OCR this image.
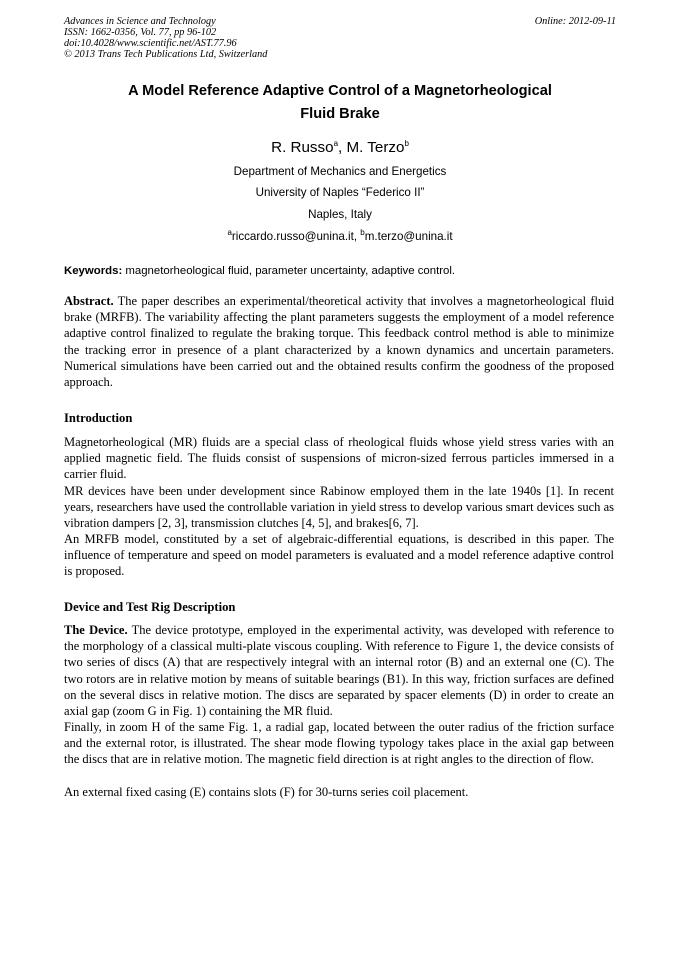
Advances in Science and Technology
ISSN: 1662-0356, Vol. 77, pp 96-102
doi:10.4028/www.scientific.net/AST.77.96
© 2013 Trans Tech Publications Ltd, Switzerland
Online: 2012-09-11
A Model Reference Adaptive Control of a Magnetorheological
Fluid Brake
R. Russo$^a$, M. Terzo$^b$
Department of Mechanics and Energetics
University of Naples “Federico II”
Naples, Italy
$^a$riccardo.russo@unina.it, $^b$m.terzo@unina.it
Keywords: magnetorheological fluid, parameter uncertainty, adaptive control.
Abstract. The paper describes an experimental/theoretical activity that involves a magnetorheological fluid brake (MRFB). The variability affecting the plant parameters suggests the employment of a model reference adaptive control finalized to regulate the braking torque. This feedback control method is able to minimize the tracking error in presence of a plant characterized by a known dynamics and uncertain parameters. Numerical simulations have been carried out and the obtained results confirm the goodness of the proposed approach.
Introduction
Magnetorheological (MR) fluids are a special class of rheological fluids whose yield stress varies with an applied magnetic field. The fluids consist of suspensions of micron-sized ferrous particles immersed in a carrier fluid.
MR devices have been under development since Rabinow employed them in the late 1940s [1]. In recent years, researchers have used the controllable variation in yield stress to develop various smart devices such as vibration dampers [2, 3], transmission clutches [4, 5], and brakes[6, 7].
An MRFB model, constituted by a set of algebraic-differential equations, is described in this paper. The influence of temperature and speed on model parameters is evaluated and a model reference adaptive control is proposed.
Device and Test Rig Description
The Device. The device prototype, employed in the experimental activity, was developed with reference to the morphology of a classical multi-plate viscous coupling. With reference to Figure 1, the device consists of two series of discs (A) that are respectively integral with an internal rotor (B) and an external one (C). The two rotors are in relative motion by means of suitable bearings (B1). In this way, friction surfaces are defined on the several discs in relative motion. The discs are separated by spacer elements (D) in order to create an axial gap (zoom G in Fig. 1) containing the MR fluid.
Finally, in zoom H of the same Fig. 1, a radial gap, located between the outer radius of the friction surface and the external rotor, is illustrated. The shear mode flowing typology takes place in the axial gap between the discs that are in relative motion. The magnetic field direction is at right angles to the direction of flow.
An external fixed casing (E) contains slots (F) for 30-turns series coil placement.
